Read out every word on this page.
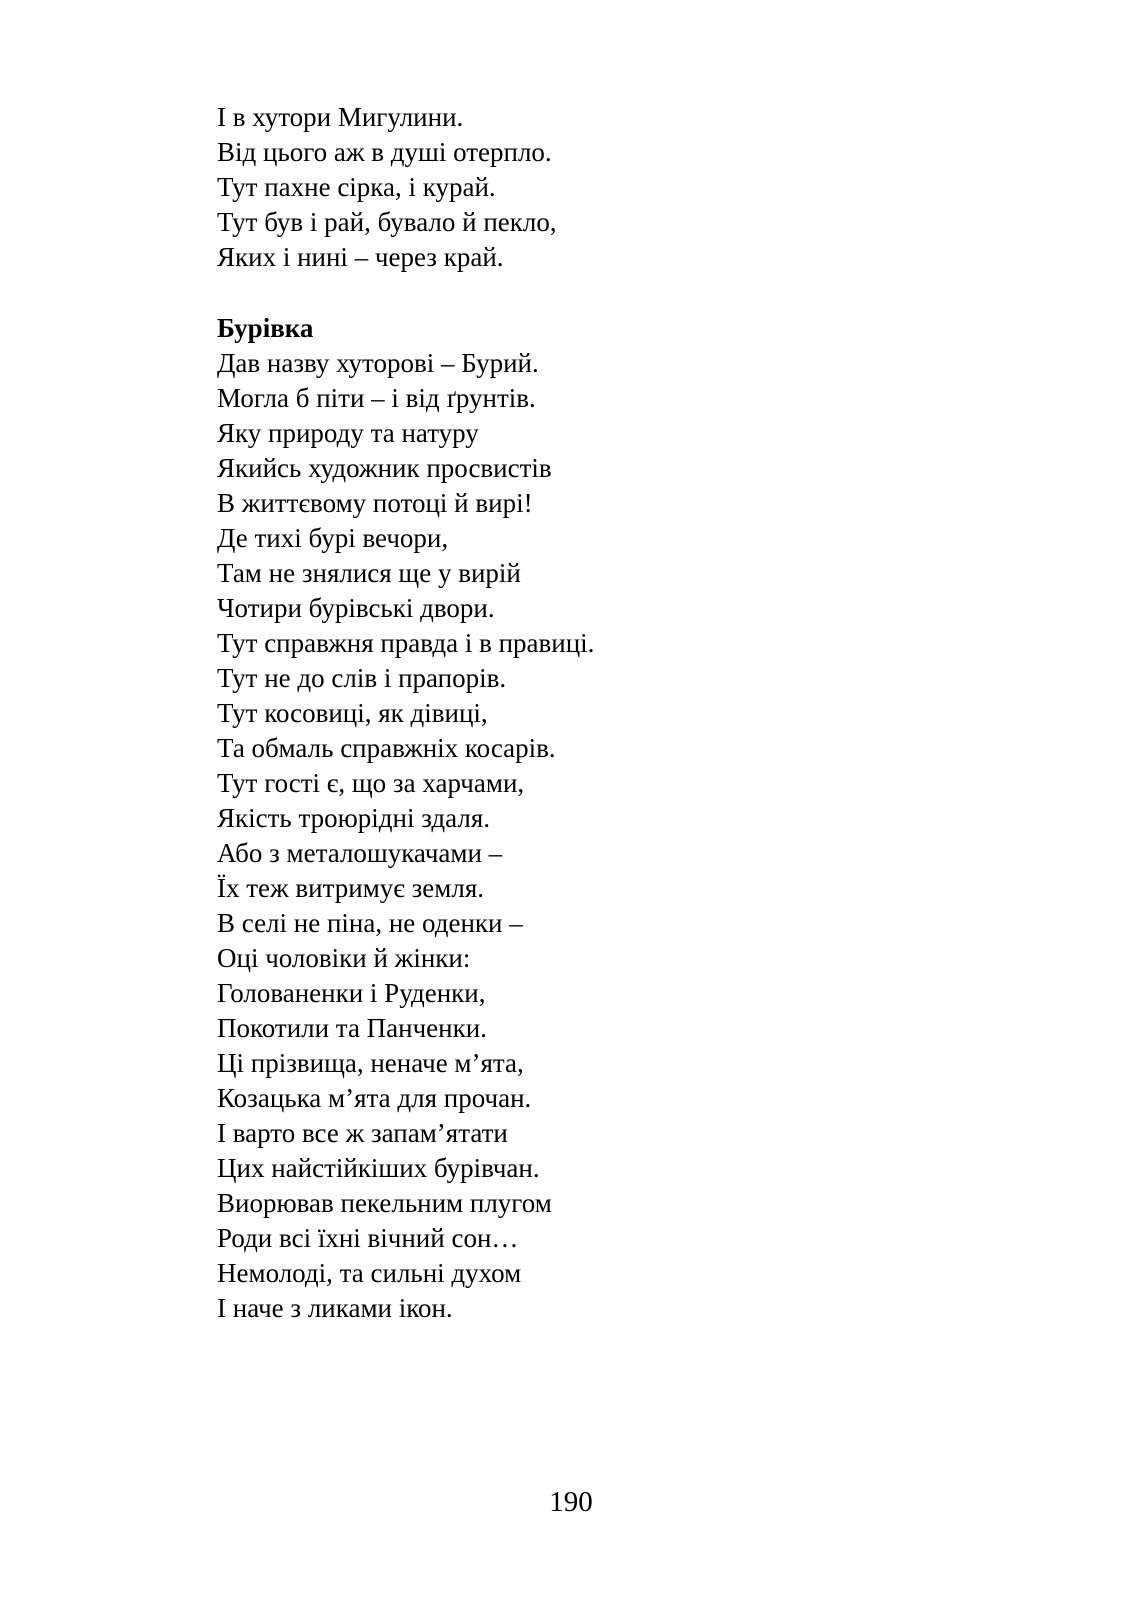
І в хутори Мигулини.
Від цього аж в душі отерпло.
Тут пахне сірка, і курай.
Тут був і рай, бувало й пекло,
Яких і нині – через край.
Бурівка
Дав назву хуторові – Бурий.
Могла б піти – і від ґрунтів.
Яку природу та натуру
Якийсь художник просвистів
В життєвому потоці й вирі!
Де тихі бурі вечори,
Там не знялися ще у вирій
Чотири бурівські двори.
Тут справжня правда і в правиці.
Тут не до слів і прапорів.
Тут косовиці, як дівиці,
Та обмаль справжніх косарів.
Тут гості є, що за харчами,
Якість троюрідні здаля.
Або з металошукачами –
Їх теж витримує земля.
В селі не піна, не оденки –
Оці чоловіки й жінки:
Голованенки і Руденки,
Покотили та Панченки.
Ці прізвища, неначе м’ята,
Козацька м’ята для прочан.
І варто все ж запам’ятати
Цих найстійкіших бурівчан.
Виорював пекельним плугом
Роди всі їхні вічний сон…
Немолоді, та сильні духом
І наче з ликами ікон.
190
